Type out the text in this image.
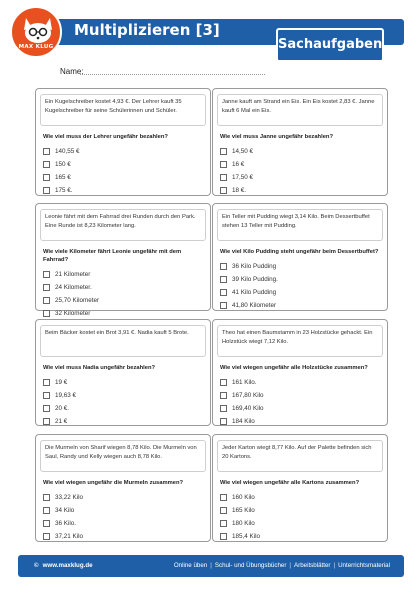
MAX KLUG
Multiplizieren [3]
Sachaufgaben
Name:
Ein Kugelschreiber kostet 4,93 €. Der Lehrer kauft 35 Kugelschreiber für seine Schülerinnen und Schüler.
Wie viel muss der Lehrer ungefähr bezahlen?
140,55 €
150 €
165 €
175 €.
Janne kauft am Strand ein Eis. Ein Eis kostet 2,83 €. Janne kauft 6 Mal ein Eis.
Wie viel muss Janne ungefähr bezahlen?
14,50 €
16 €
17,50 €
18 €.
Leonie fährt mit dem Fahrrad drei Runden durch den Park. Eine Runde ist 8,23 Kilometer lang.
Wie viele Kilometer fährt Leonie ungefähr mit dem Fahrrad?
21 Kilometer
24 Kilometer.
25,70 Kilometer
32 Kilometer
Ein Teller mit Pudding wiegt 3,14 Kilo. Beim Dessertbuffet stehen 13 Teller mit Pudding.
Wie viel Kilo Pudding steht ungefähr beim Dessertbuffet?
36 Kilo Pudding
39 Kilo Pudding.
41 Kilo Pudding
41,80 Kilometer
Beim Bäcker kostet ein Brot 3,91 €. Nadia kauft 5 Brote.
Wie viel muss Nadia ungefähr bezahlen?
19 €
19,63 €
20 €.
21 €
Theo hat einen Baumstamm in 23 Holzstücke gehackt. Ein Holzstück wiegt 7,12 Kilo.
Wie viel wiegen ungefähr alle Holzstücke zusammen?
161 Kilo.
167,80 Kilo
169,40 Kilo
184 Kilo
Die Murmeln von Sharif wiegen 8,78 Kilo. Die Murmeln von Saul, Randy und Kelly wiegen auch 8,78 Kilo.
Wie viel wiegen ungefähr die Murmeln zusammen?
33,22 Kilo
34 Kilo
36 Kilo.
37,21 Kilo
Jeder Karton wiegt 8,77 Kilo. Auf der Palette befinden sich 20 Kartons.
Wie viel wiegen ungefähr alle Kartons zusammen?
160 Kilo
165 Kilo
180 Kilo
185,4 Kilo
© www.maxklug.de	Online üben | Schul- und Übungsbücher | Arbeitsblätter | Unterrichtsmaterial
